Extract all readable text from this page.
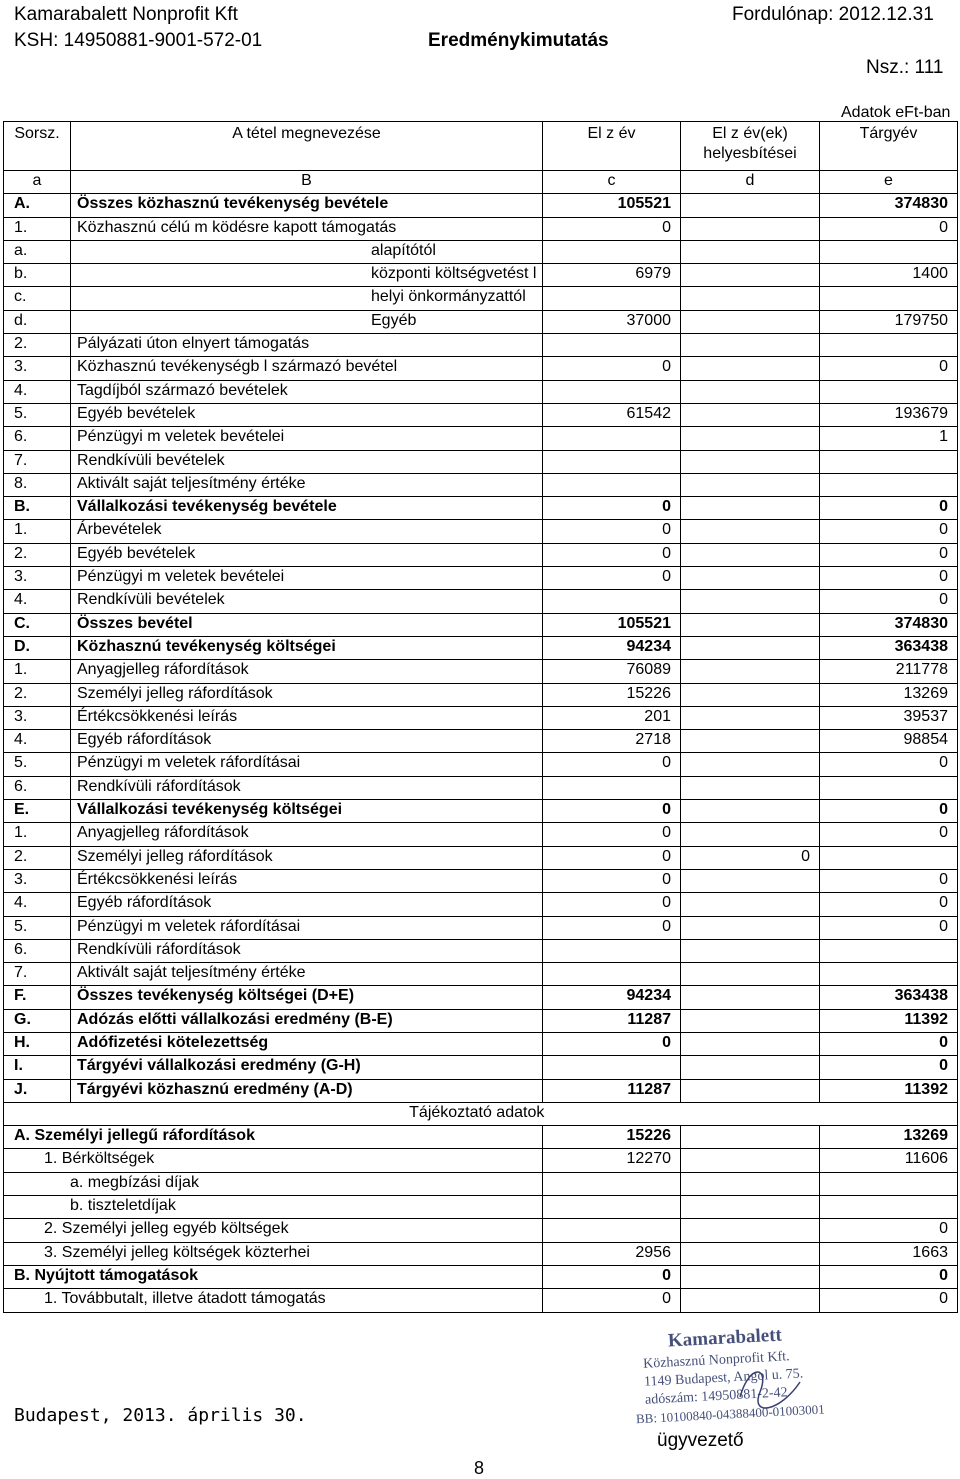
Kamarabalett Nonprofit Kft
KSH: 14950881-9001-572-01	Eredménykimutatás
Fordulónap: 2012.12.31
Nsz.: 111
Adatok eFt-ban
Sorsz.	A tétel megnevezése	El z év	El z év(ek) helyesbítései	Tárgyév
a	B	c	d	e
A.	Összes közhasznú tevékenység bevétele	105521		374830
1.	Közhasznú célú m ködésre kapott támogatás	0		0
a.	alapítótól			
b.	központi költségvetést l	6979		1400
c.	helyi önkormányzattól			
d.	Egyéb	37000		179750
2.	Pályázati úton elnyert támogatás			
3.	Közhasznú tevékenységb l származó bevétel	0		0
4.	Tagdíjból származó bevételek			
5.	Egyéb bevételek	61542		193679
6.	Pénzügyi m veletek bevételei			1
7.	Rendkívüli bevételek			
8.	Aktivált saját teljesítmény értéke			
B.	Vállalkozási tevékenység bevétele	0		0
1.	Árbevételek	0		0
2.	Egyéb bevételek	0		0
3.	Pénzügyi m veletek bevételei	0		0
4.	Rendkívüli bevételek			0
C.	Összes bevétel	105521		374830
D.	Közhasznú tevékenység költségei	94234		363438
1.	Anyagjelleg ráfordítások	76089		211778
2.	Személyi jelleg ráfordítások	15226		13269
3.	Értékcsökkenési leírás	201		39537
4.	Egyéb ráfordítások	2718		98854
5.	Pénzügyi m veletek ráfordításai	0		0
6.	Rendkívüli ráfordítások			
E.	Vállalkozási tevékenység költségei	0		0
1.	Anyagjelleg ráfordítások	0		0
2.	Személyi jelleg ráfordítások	0	0	
3.	Értékcsökkenési leírás	0		0
4.	Egyéb ráfordítások	0		0
5.	Pénzügyi m veletek ráfordításai	0		0
6.	Rendkívüli ráfordítások			
7.	Aktivált saját teljesítmény értéke			
F.	Összes tevékenység költségei (D+E)	94234		363438
G.	Adózás előtti vállalkozási eredmény (B-E)	11287		11392
H.	Adófizetési kötelezettség	0		0
I.	Tárgyévi vállalkozási eredmény (G-H)			0
J.	Tárgyévi közhasznú eredmény (A-D)	11287		11392
	Tájékoztató adatok			
A. Személyi jellegű ráfordítások		15226		13269
1. Bérköltségek		12270		11606
a. megbízási díjak				
b. tiszteletdíjak				
2. Személyi jelleg egyéb költségek				0
3. Személyi jelleg költségek közterhei		2956		1663
B. Nyújtott támogatások		0		0
1. Továbbutalt, illetve átadott támogatás		0		0
Budapest, 2013. április 30.
ügyvezető
8
Kamarabalett
Közhasznú Nonprofit Kft.
1149 Budapest, Angol u. 75.
adószám: 14950881-2-42
BB: 10100840-04388400-01003001
